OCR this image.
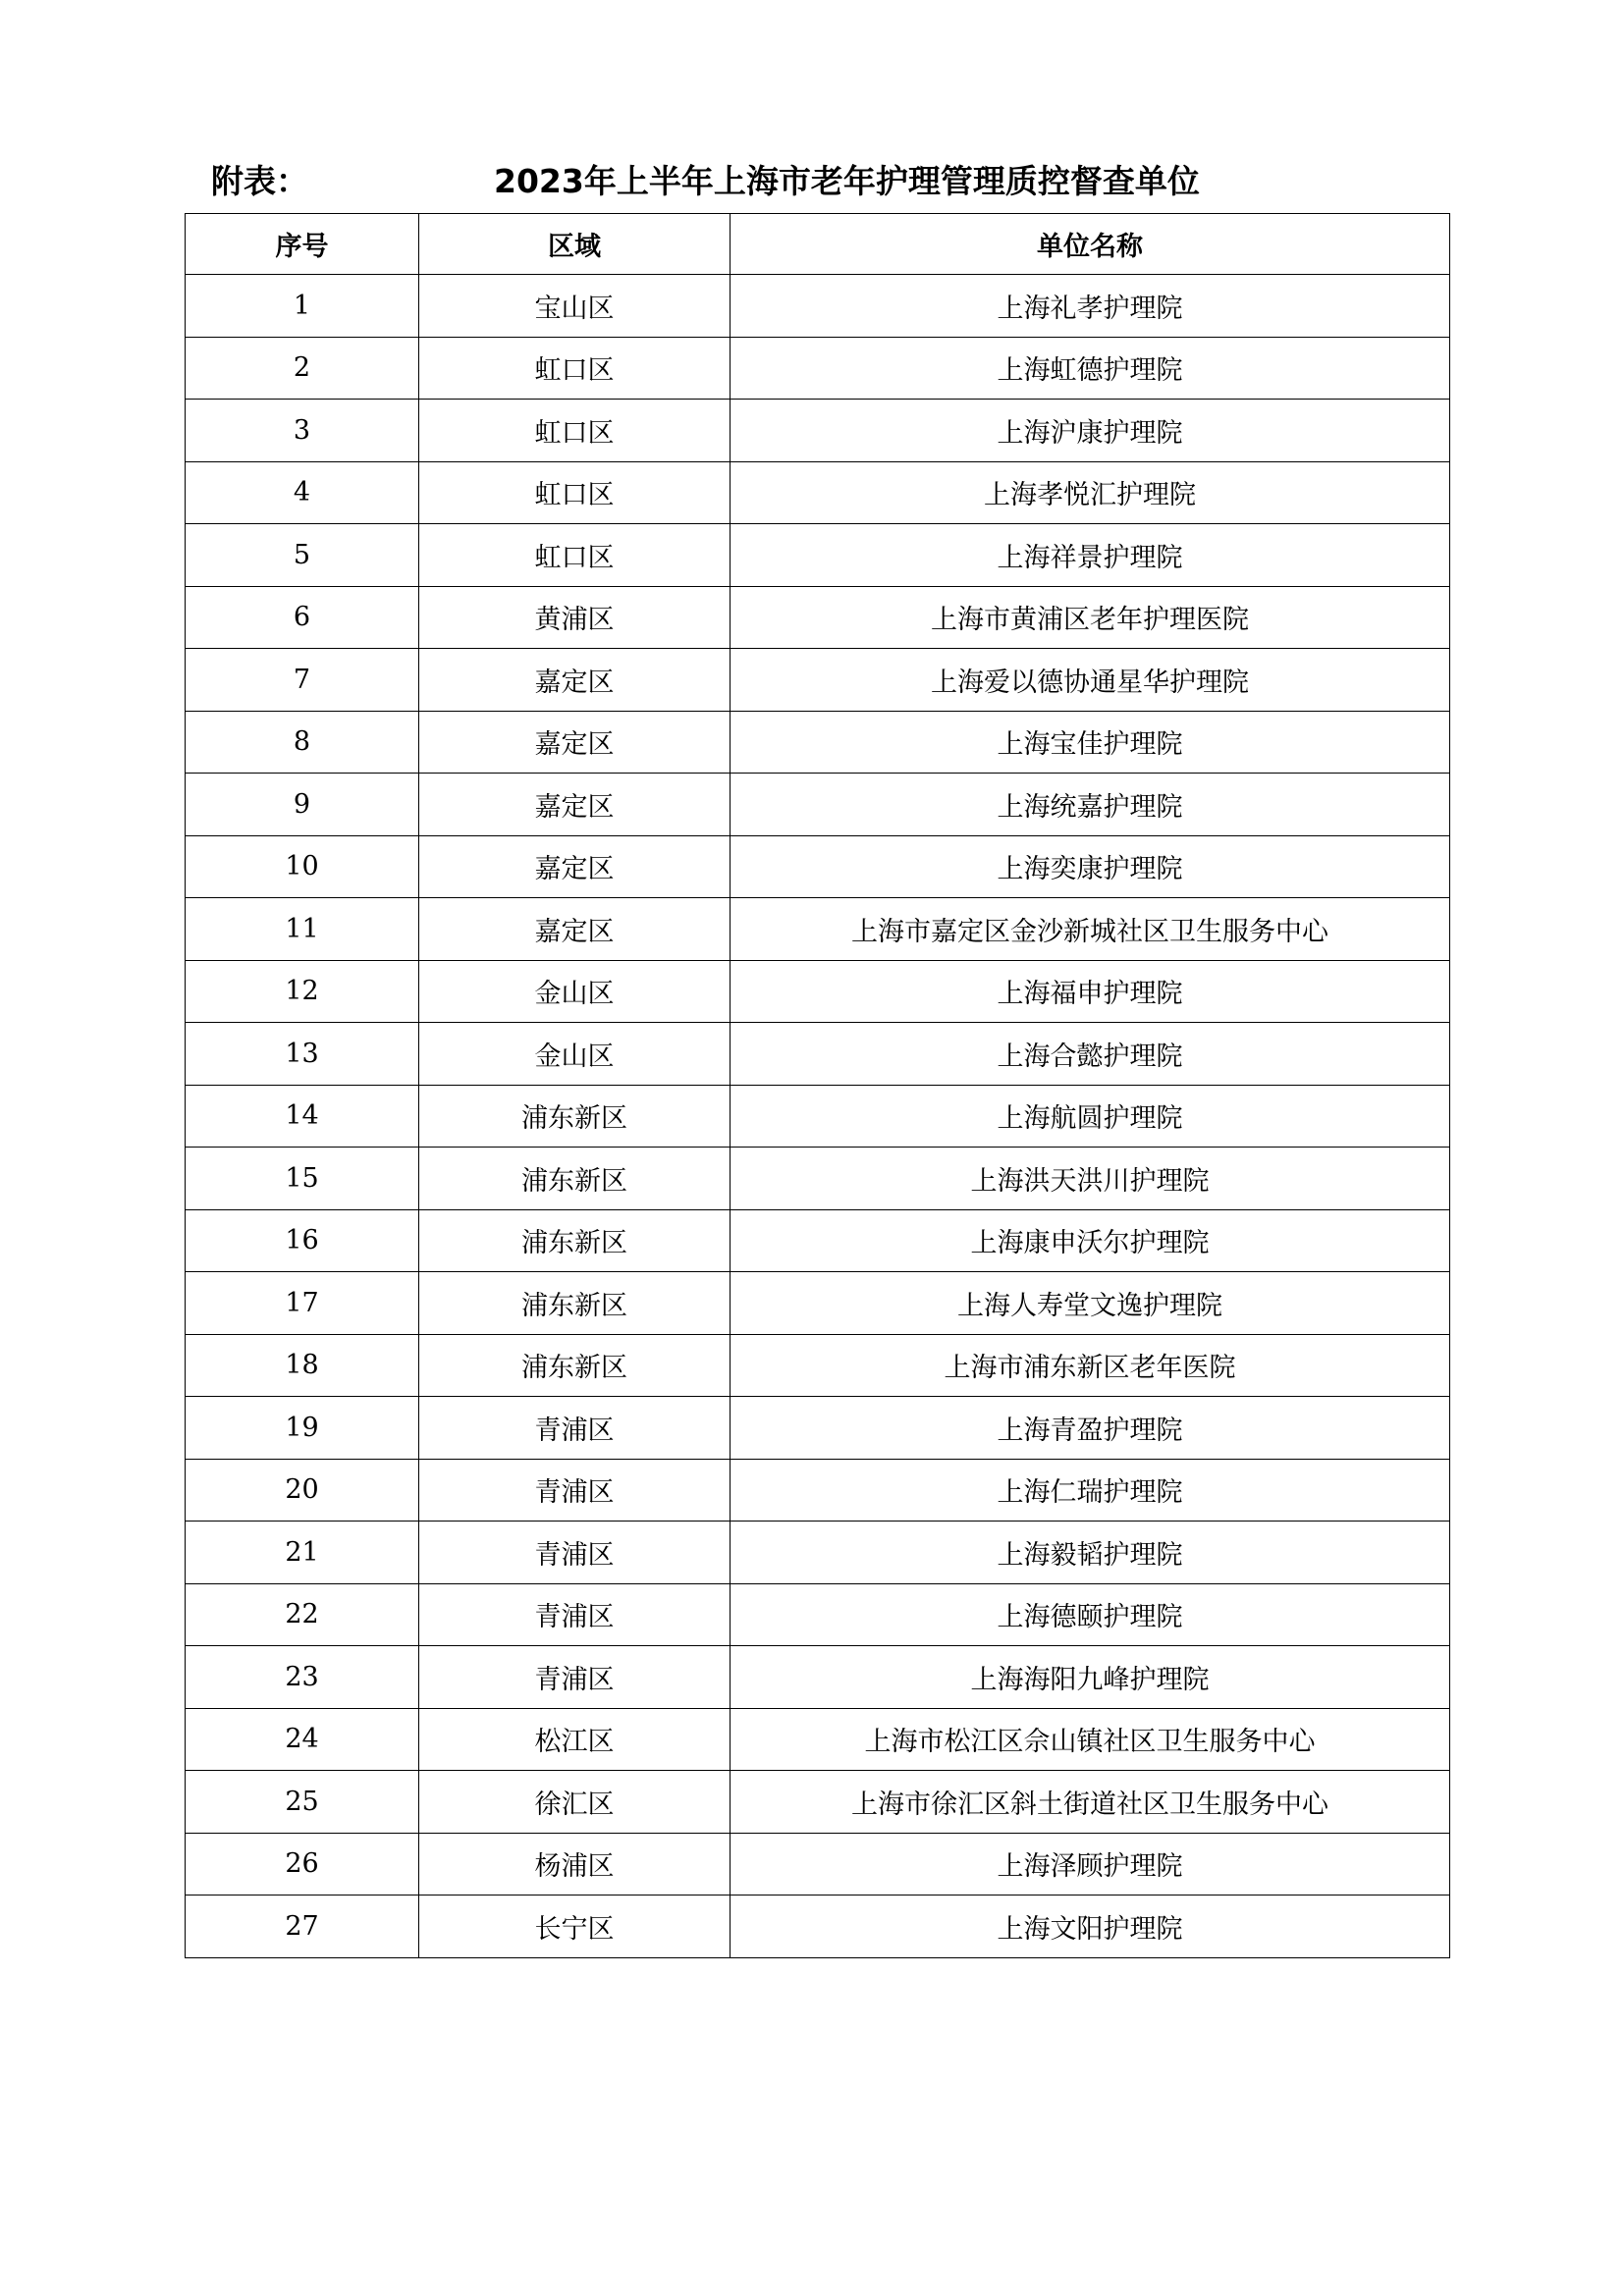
附表：	2023年上半年上海市老年护理管理质控督查单位
序号	区域	单位名称
1	宝山区	上海礼孝护理院
2	虹口区	上海虹德护理院
3	虹口区	上海沪康护理院
4	虹口区	上海孝悦汇护理院
5	虹口区	上海祥景护理院
6	黄浦区	上海市黄浦区老年护理医院
7	嘉定区	上海爱以德协通星华护理院
8	嘉定区	上海宝佳护理院
9	嘉定区	上海统嘉护理院
10	嘉定区	上海奕康护理院
11	嘉定区	上海市嘉定区金沙新城社区卫生服务中心
12	金山区	上海福申护理院
13	金山区	上海合懿护理院
14	浦东新区	上海航圆护理院
15	浦东新区	上海洪天洪川护理院
16	浦东新区	上海康申沃尔护理院
17	浦东新区	上海人寿堂文逸护理院
18	浦东新区	上海市浦东新区老年医院
19	青浦区	上海青盈护理院
20	青浦区	上海仁瑞护理院
21	青浦区	上海毅韬护理院
22	青浦区	上海德颐护理院
23	青浦区	上海海阳九峰护理院
24	松江区	上海市松江区佘山镇社区卫生服务中心
25	徐汇区	上海市徐汇区斜土街道社区卫生服务中心
26	杨浦区	上海泽顾护理院
27	长宁区	上海文阳护理院
